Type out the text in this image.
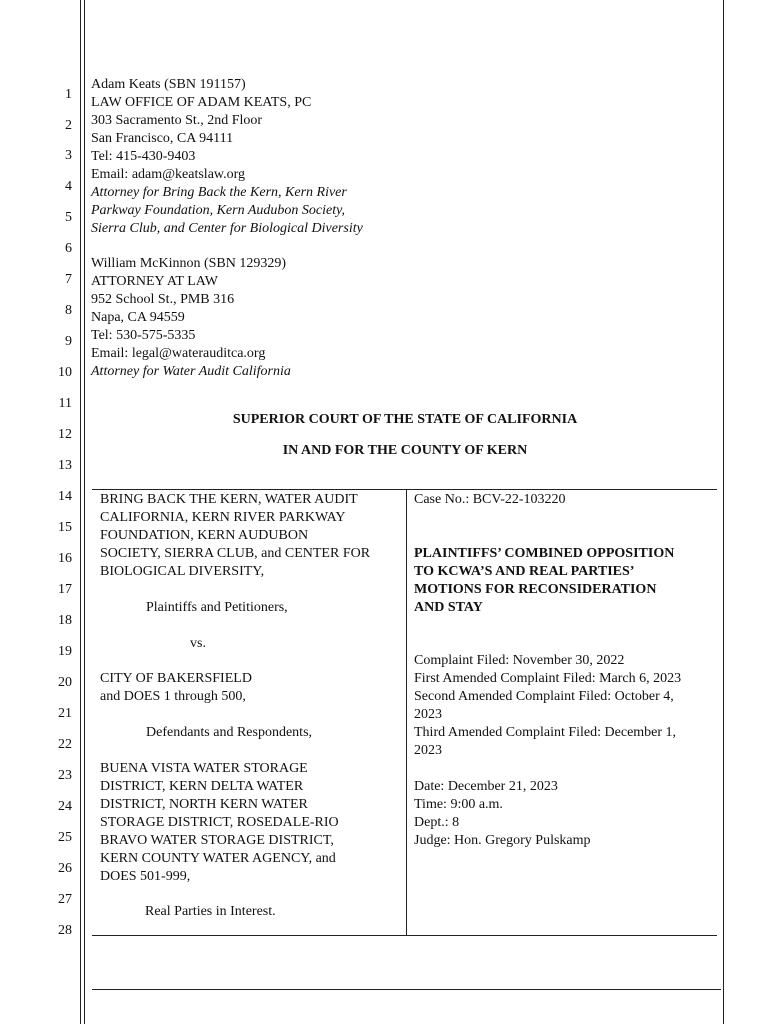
1
2
3
4
5
6
7
8
9
10
11
12
13
14
15
16
17
18
19
20
21
22
23
24
25
26
27
28
Adam Keats (SBN 191157)
LAW OFFICE OF ADAM KEATS, PC
303 Sacramento St., 2nd Floor
San Francisco, CA 94111
Tel: 415-430-9403
Email: adam@keatslaw.org
Attorney for Bring Back the Kern, Kern River
Parkway Foundation, Kern Audubon Society,
Sierra Club, and Center for Biological Diversity
William McKinnon (SBN 129329)
ATTORNEY AT LAW
952 School St., PMB 316
Napa, CA 94559
Tel: 530-575-5335
Email: legal@waterauditca.org
Attorney for Water Audit California
SUPERIOR COURT OF THE STATE OF CALIFORNIA
IN AND FOR THE COUNTY OF KERN
BRING BACK THE KERN, WATER AUDIT
CALIFORNIA, KERN RIVER PARKWAY
FOUNDATION, KERN AUDUBON
SOCIETY, SIERRA CLUB, and CENTER FOR
BIOLOGICAL DIVERSITY,
Plaintiffs and Petitioners,
vs.
CITY OF BAKERSFIELD
and DOES 1 through 500,
Defendants and Respondents,
BUENA VISTA WATER STORAGE
DISTRICT, KERN DELTA WATER
DISTRICT, NORTH KERN WATER
STORAGE DISTRICT, ROSEDALE-RIO
BRAVO WATER STORAGE DISTRICT,
KERN COUNTY WATER AGENCY, and
DOES 501-999,
Real Parties in Interest.
Case No.: BCV-22-103220
PLAINTIFFS’ COMBINED OPPOSITION
TO KCWA’S AND REAL PARTIES’
MOTIONS FOR RECONSIDERATION
AND STAY
Complaint Filed: November 30, 2022
First Amended Complaint Filed: March 6, 2023
Second Amended Complaint Filed: October 4,
2023
Third Amended Complaint Filed: December 1,
2023
Date: December 21, 2023
Time: 9:00 a.m.
Dept.: 8
Judge: Hon. Gregory Pulskamp
